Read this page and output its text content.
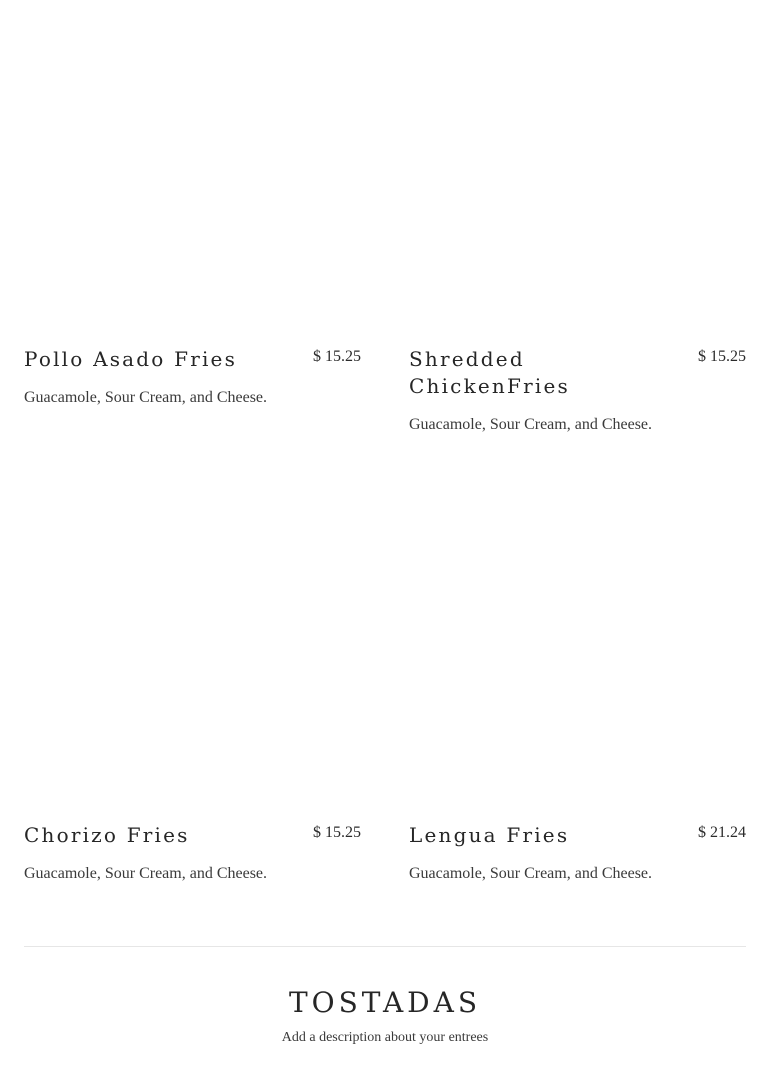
Pollo Asado Fries	$ 15.25
Guacamole, Sour Cream, and Cheese.
Shredded ChickenFries
$ 15.25
Guacamole, Sour Cream, and Cheese.
Chorizo Fries	$ 15.25
Guacamole, Sour Cream, and Cheese.
Lengua Fries	$ 21.24
Guacamole, Sour Cream, and Cheese.
TOSTADAS
Add a description about your entrees
